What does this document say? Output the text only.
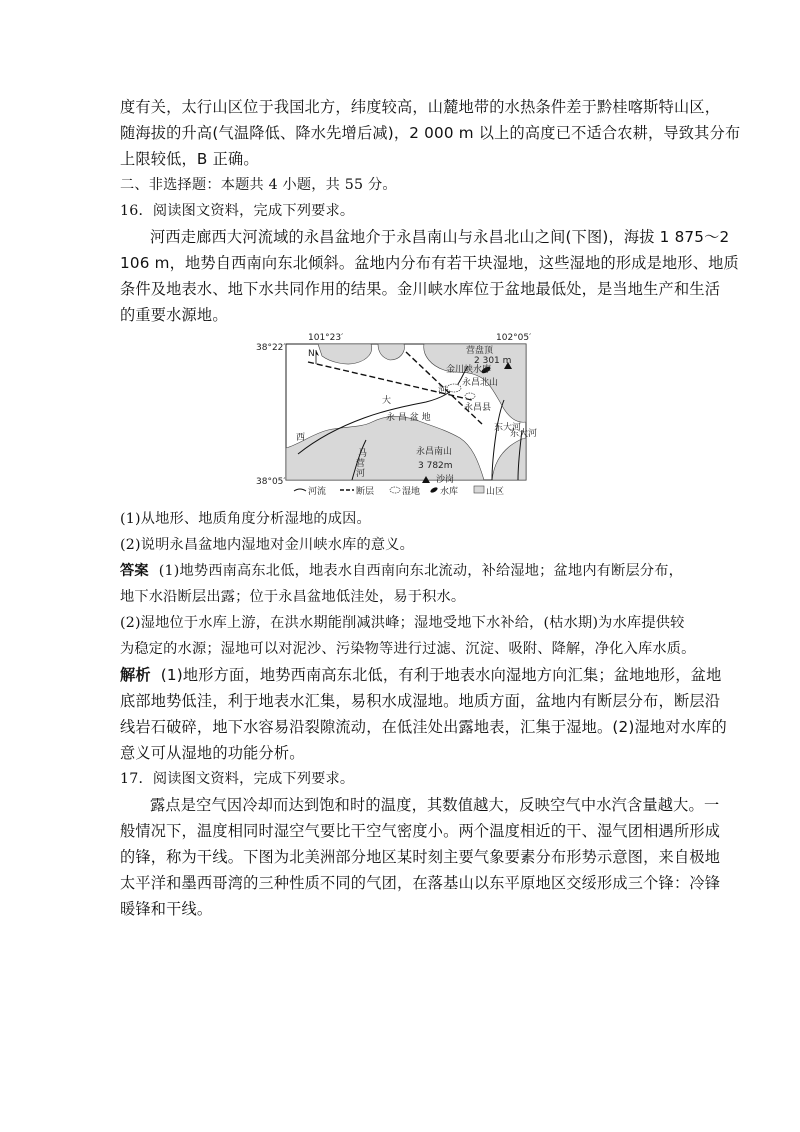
度有关，太行山区位于我国北方，纬度较高，山麓地带的水热条件差于黔桂喀斯特山区，
随海拔的升高(气温降低、降水先增后减)，2 000 m 以上的高度已不适合农耕，导致其分布
上限较低，B 正确。
二、非选择题：本题共 4 小题，共 55 分。
16．阅读图文资料，完成下列要求。
河西走廊西大河流域的永昌盆地介于永昌南山与永昌北山之间(下图)，海拔 1 875～2
106 m，地势自西南向东北倾斜。盆地内分布有若干块湿地，这些湿地的形成是地形、地质
条件及地表水、地下水共同作用的结果。金川峡水库位于盆地最低处，是当地生产和生活
的重要水源地。
N
101°23′	102°05′
38°22′
38°05′
营盘顶
2 301 m
金川峡水库
永昌北山
河
大
永昌县
永 昌 盆 地
西
东大河
东大河
马
营
河
永昌南山
3 782m
沙岗
河流	断层	湿地 水库	山区
(1)从地形、地质角度分析湿地的成因。
(2)说明永昌盆地内湿地对金川峡水库的意义。
答案 (1)地势西南高东北低，地表水自西南向东北流动，补给湿地；盆地内有断层分布，
地下水沿断层出露；位于永昌盆地低洼处，易于积水。
(2)湿地位于水库上游，在洪水期能削减洪峰；湿地受地下水补给，(枯水期)为水库提供较
为稳定的水源；湿地可以对泥沙、污染物等进行过滤、沉淀、吸附、降解，净化入库水质。
解析 (1)地形方面，地势西南高东北低，有利于地表水向湿地方向汇集；盆地地形，盆地
底部地势低洼，利于地表水汇集，易积水成湿地。地质方面，盆地内有断层分布，断层沿
线岩石破碎，地下水容易沿裂隙流动，在低洼处出露地表，汇集于湿地。(2)湿地对水库的
意义可从湿地的功能分析。
17．阅读图文资料，完成下列要求。
露点是空气因冷却而达到饱和时的温度，其数值越大，反映空气中水汽含量越大。一
般情况下，温度相同时湿空气要比干空气密度小。两个温度相近的干、湿气团相遇所形成
的锋，称为干线。下图为北美洲部分地区某时刻主要气象要素分布形势示意图，来自极地
太平洋和墨西哥湾的三种性质不同的气团，在落基山以东平原地区交绥形成三个锋：冷锋
暖锋和干线。
